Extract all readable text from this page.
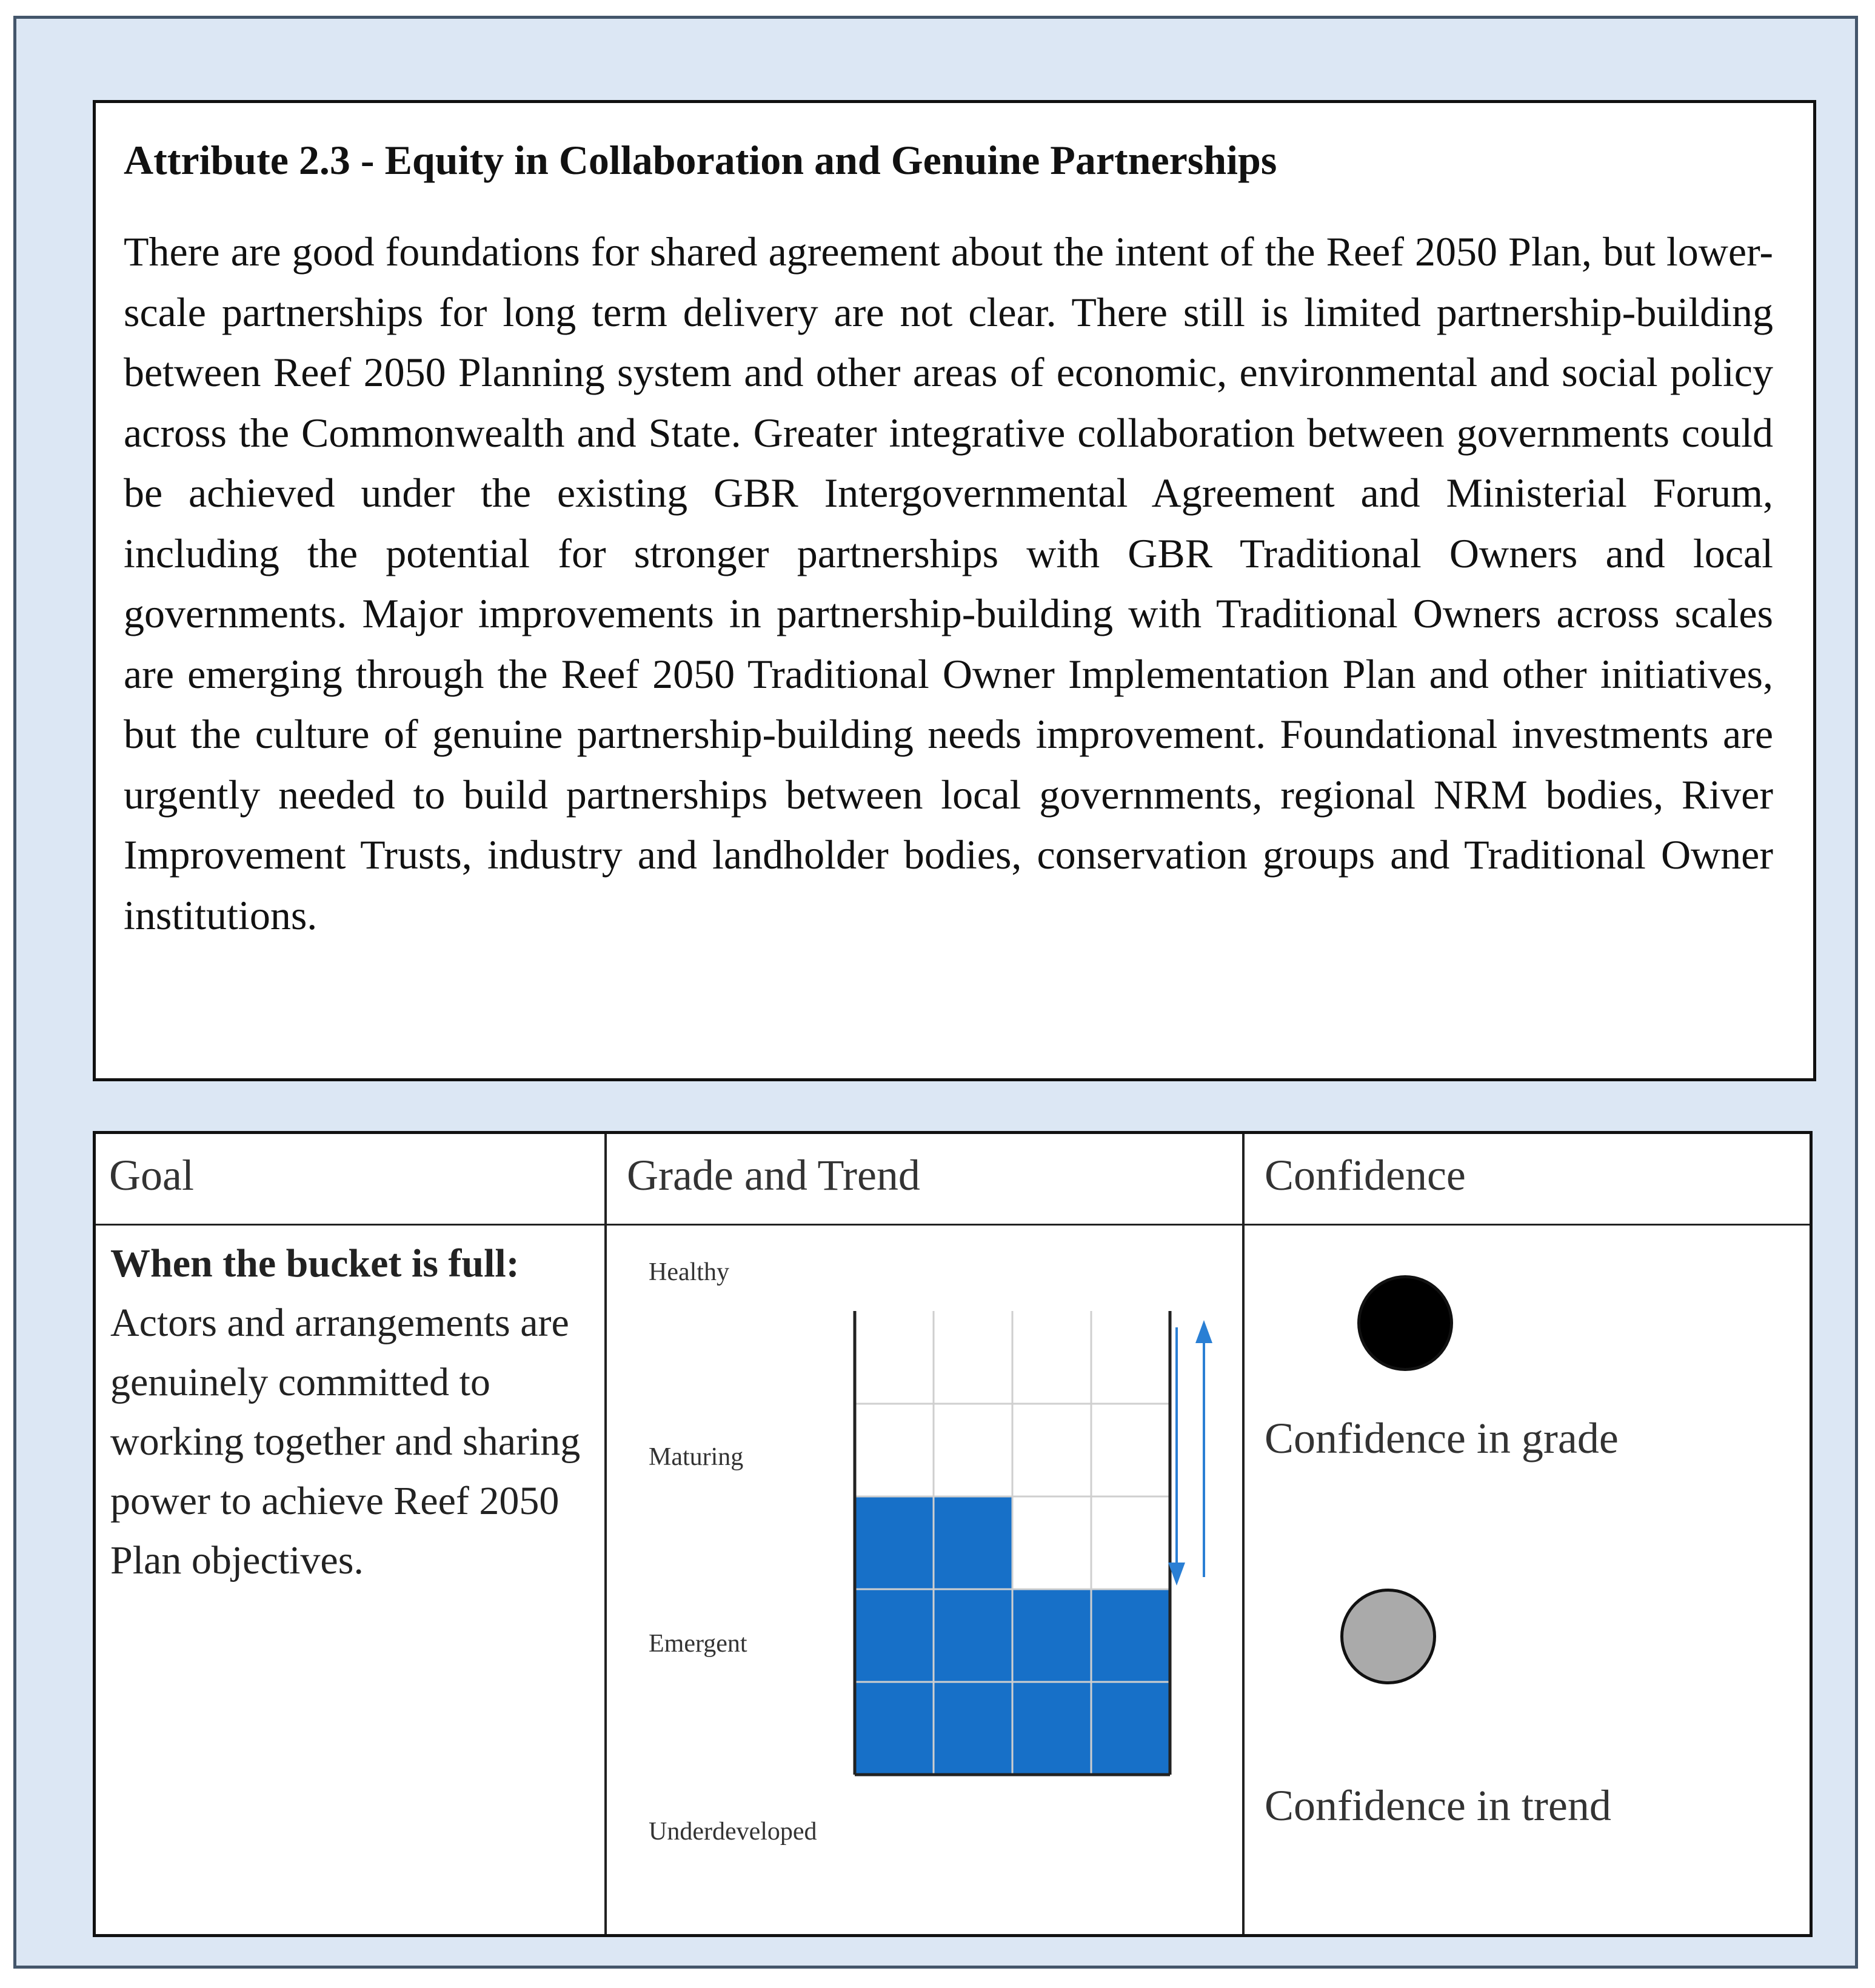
Attribute 2.3 - Equity in Collaboration and Genuine Partnerships

There are good foundations for shared agreement about the intent of the Reef 2050 Plan, but lower-scale partnerships for long term delivery are not clear. There still is limited partnership-building between Reef 2050 Planning system and other areas of economic, environmental and social policy across the Commonwealth and State. Greater integrative collaboration between governments could be achieved under the existing GBR Intergovernmental Agreement and Ministerial Forum, including the potential for stronger partnerships with GBR Traditional Owners and local governments. Major improvements in partnership-building with Traditional Owners across scales are emerging through the Reef 2050 Traditional Owner Implementation Plan and other initiatives, but the culture of genuine partnership-building needs improvement. Foundational investments are urgently needed to build partnerships between local governments, regional NRM bodies, River Improvement Trusts, industry and landholder bodies, conservation groups and Traditional Owner institutions.

Goal	Grade and Trend	Confidence
When the bucket is full:
Actors and arrangements are genuinely committed to working together and sharing power to achieve Reef 2050 Plan objectives.
Healthy
Maturing
Emergent
Underdeveloped
Confidence in grade
Confidence in trend
